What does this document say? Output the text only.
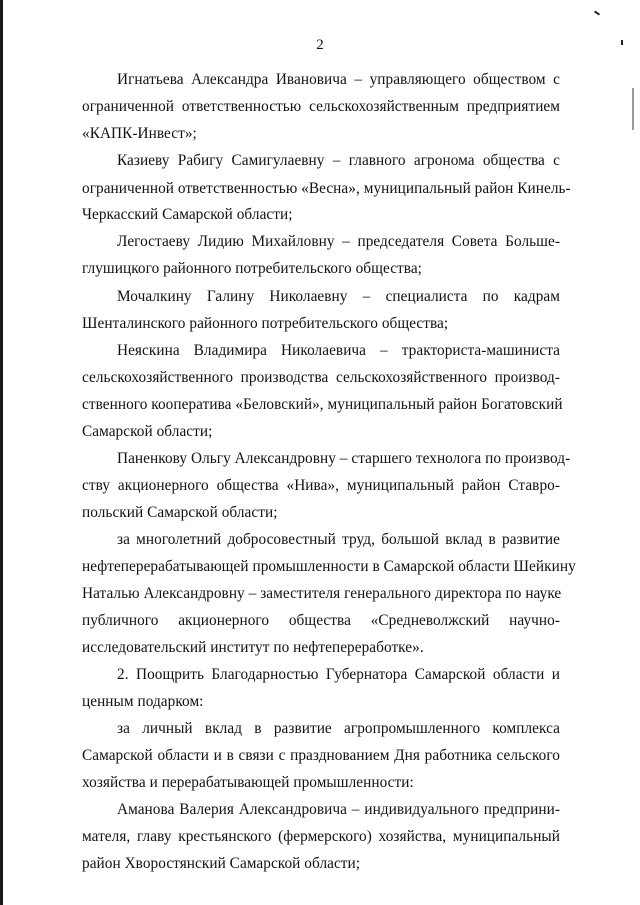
2
Игнатьева Александра Ивановича – управляющего обществом с
ограниченной ответственностью сельскохозяйственным предприятием
«КАПК-Инвест»;
Казиеву Рабигу Самигулаевну – главного агронома общества с
ограниченной ответственностью «Весна», муниципальный район Кинель-
Черкасский Самарской области;
Легостаеву Лидию Михайловну – председателя Совета Больше-
глушицкого районного потребительского общества;
Мочалкину Галину Николаевну – специалиста по кадрам
Шенталинского районного потребительского общества;
Неяскина Владимира Николаевича – тракториста-машиниста
сельскохозяйственного производства сельскохозяйственного производ-
ственного кооператива «Беловский», муниципальный район Богатовский
Самарской области;
Паненкову Ольгу Александровну – старшего технолога по производ-
ству акционерного общества «Нива», муниципальный район Ставро-
польский Самарской области;
за многолетний добросовестный труд, большой вклад в развитие
нефтеперерабатывающей промышленности в Самарской области Шейкину
Наталью Александровну – заместителя генерального директора по науке
публичного акционерного общества «Средневолжский научно-
исследовательский институт по нефтепереработке».
2. Поощрить Благодарностью Губернатора Самарской области и
ценным подарком:
за личный вклад в развитие агропромышленного комплекса
Самарской области и в связи с празднованием Дня работника сельского
хозяйства и перерабатывающей промышленности:
Аманова Валерия Александровича – индивидуального предприни-
мателя, главу крестьянского (фермерского) хозяйства, муниципальный
район Хворостянский Самарской области;
